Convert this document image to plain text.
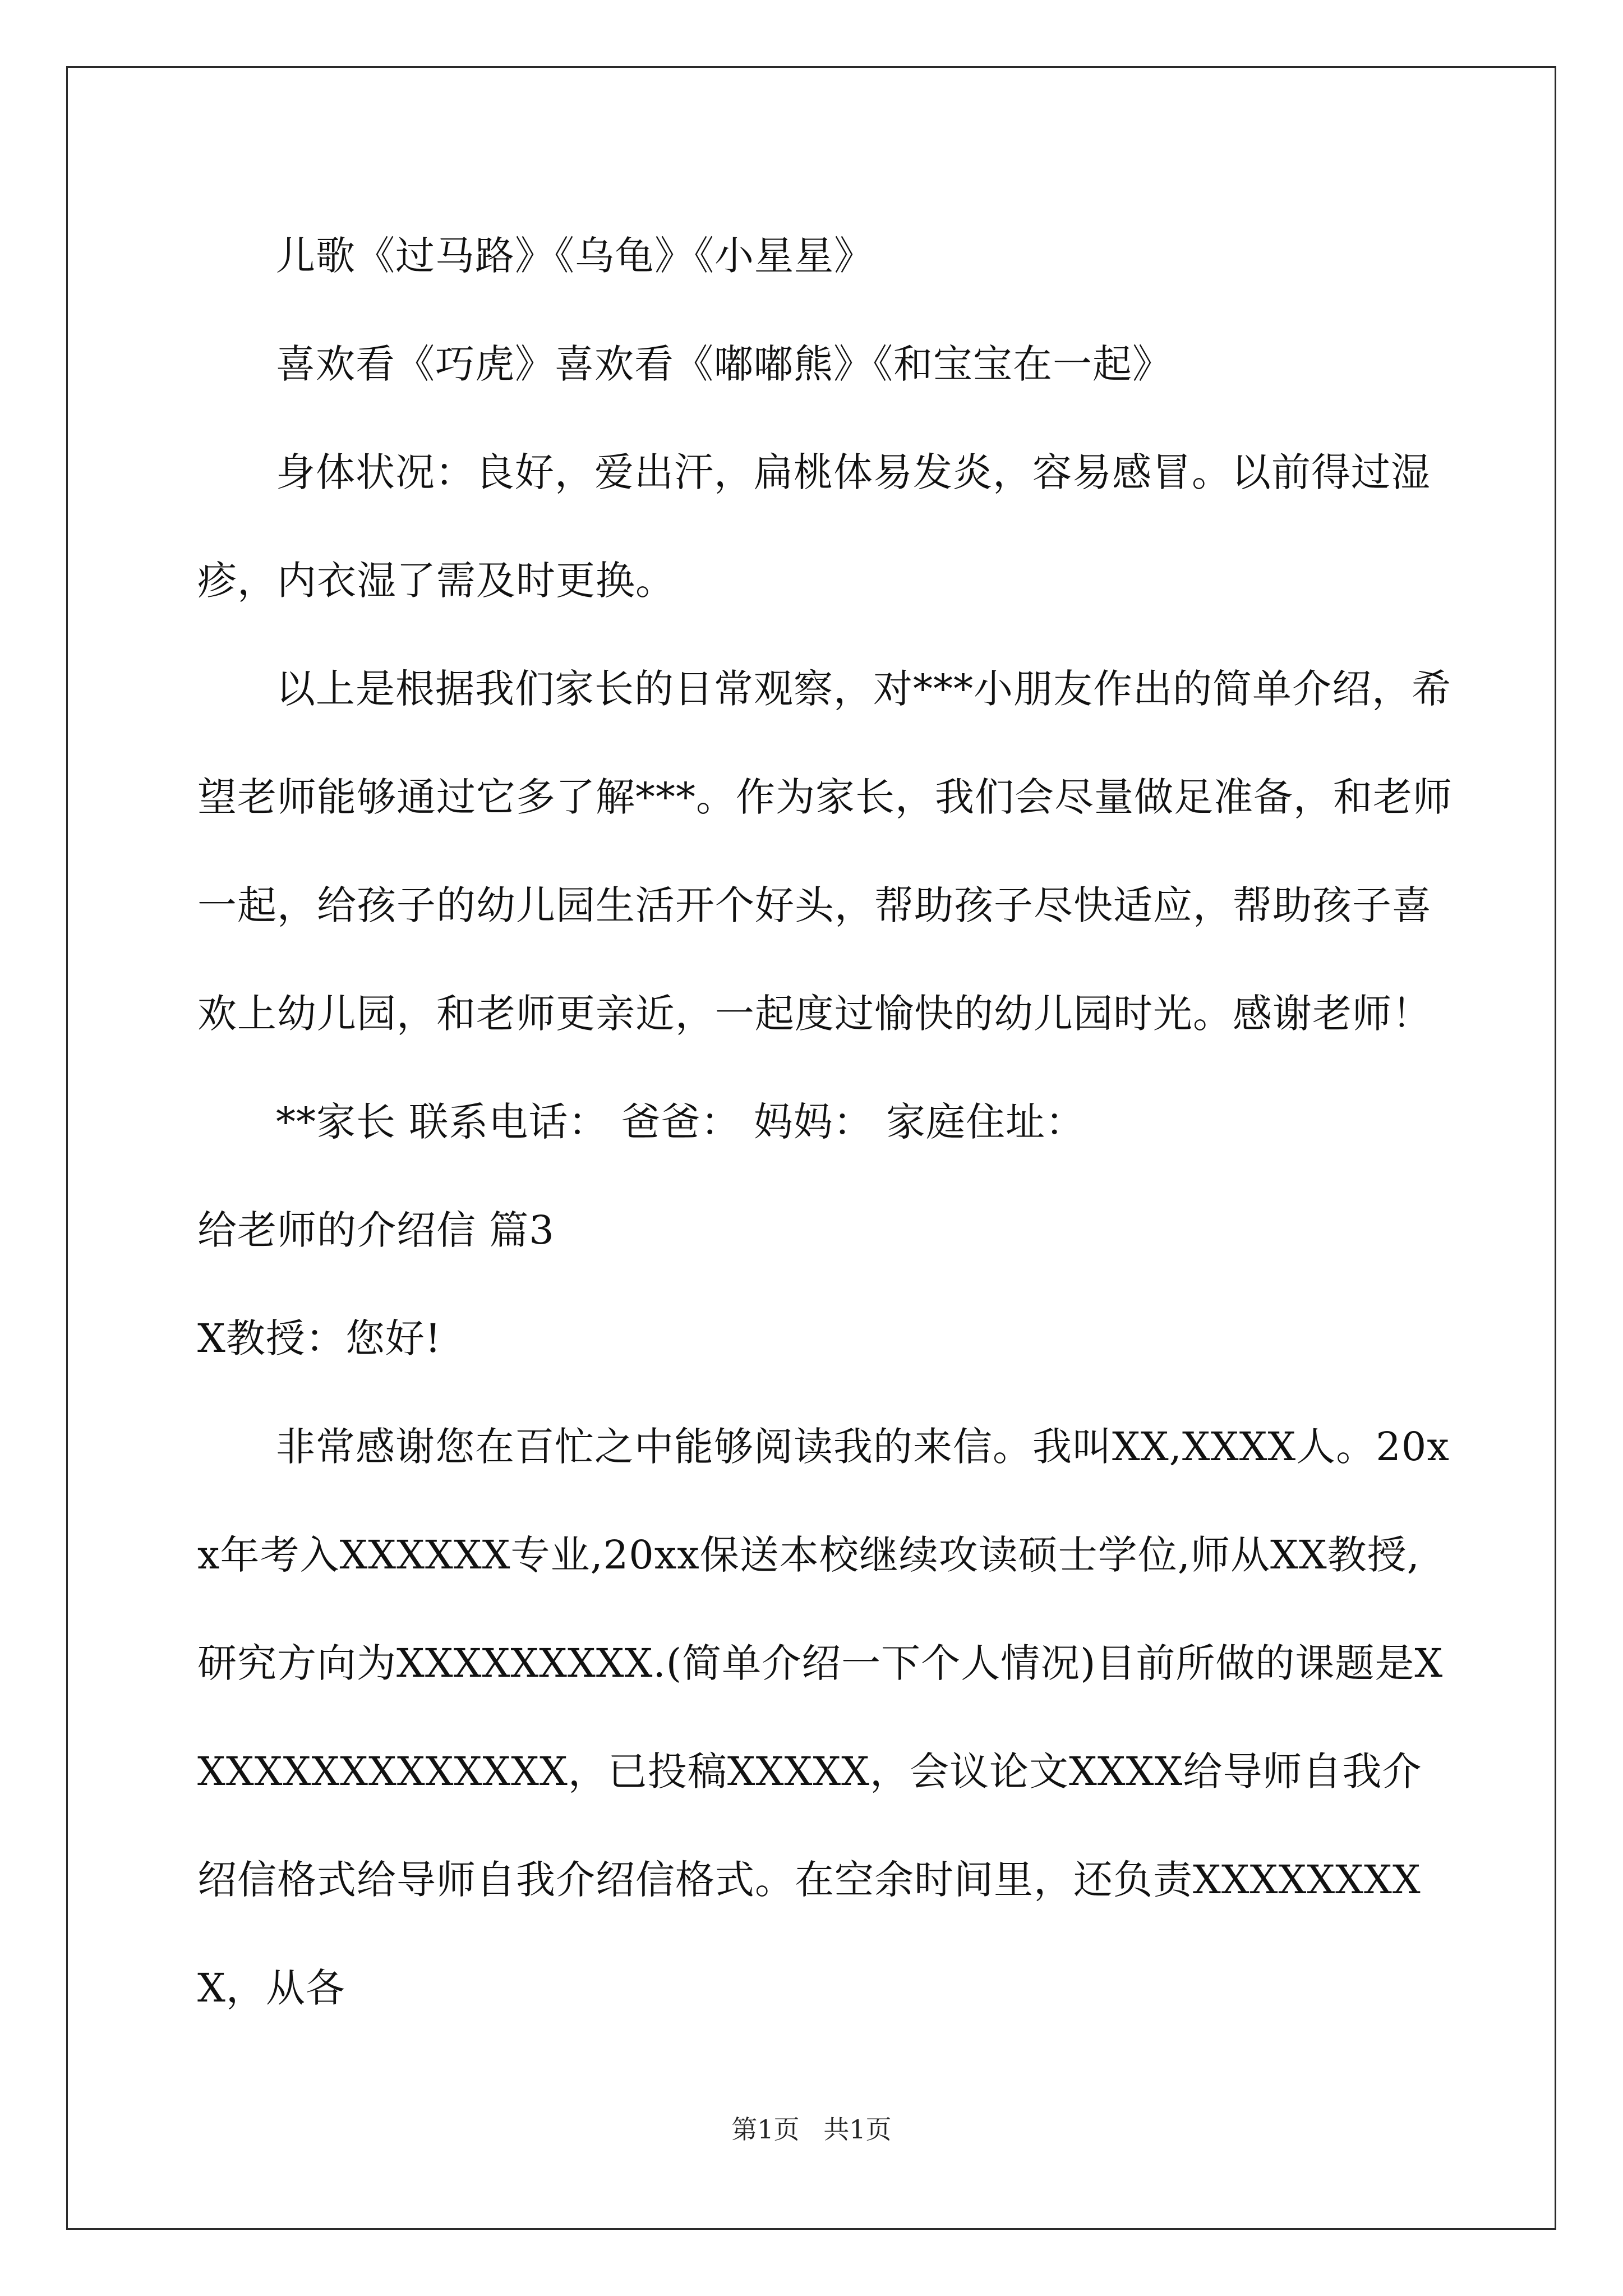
儿歌《过马路》《乌龟》《小星星》

喜欢看《巧虎》喜欢看《嘟嘟熊》《和宝宝在一起》

身体状况：良好，爱出汗，扁桃体易发炎，容易感冒。以前得过湿疹，内衣湿了需及时更换。

以上是根据我们家长的日常观察，对***小朋友作出的简单介绍，希望老师能够通过它多了解***。作为家长，我们会尽量做足准备，和老师一起，给孩子的幼儿园生活开个好头，帮助孩子尽快适应，帮助孩子喜欢上幼儿园，和老师更亲近，一起度过愉快的幼儿园时光。感谢老师！

**家长 联系电话： 爸爸： 妈妈： 家庭住址：

给老师的介绍信 篇3

X教授：您好!

非常感谢您在百忙之中能够阅读我的来信。我叫XX,XXXX人。20xx年考入XXXXXX专业,20xx保送本校继续攻读硕士学位,师从XX教授,研究方向为XXXXXXXXX.(简单介绍一下个人情况)目前所做的课题是XXXXXXXXXXXXXX，已投稿XXXXX，会议论文XXXX给导师自我介绍信格式给导师自我介绍信格式。在空余时间里，还负责XXXXXXXXX，从各

第1页 共1页
